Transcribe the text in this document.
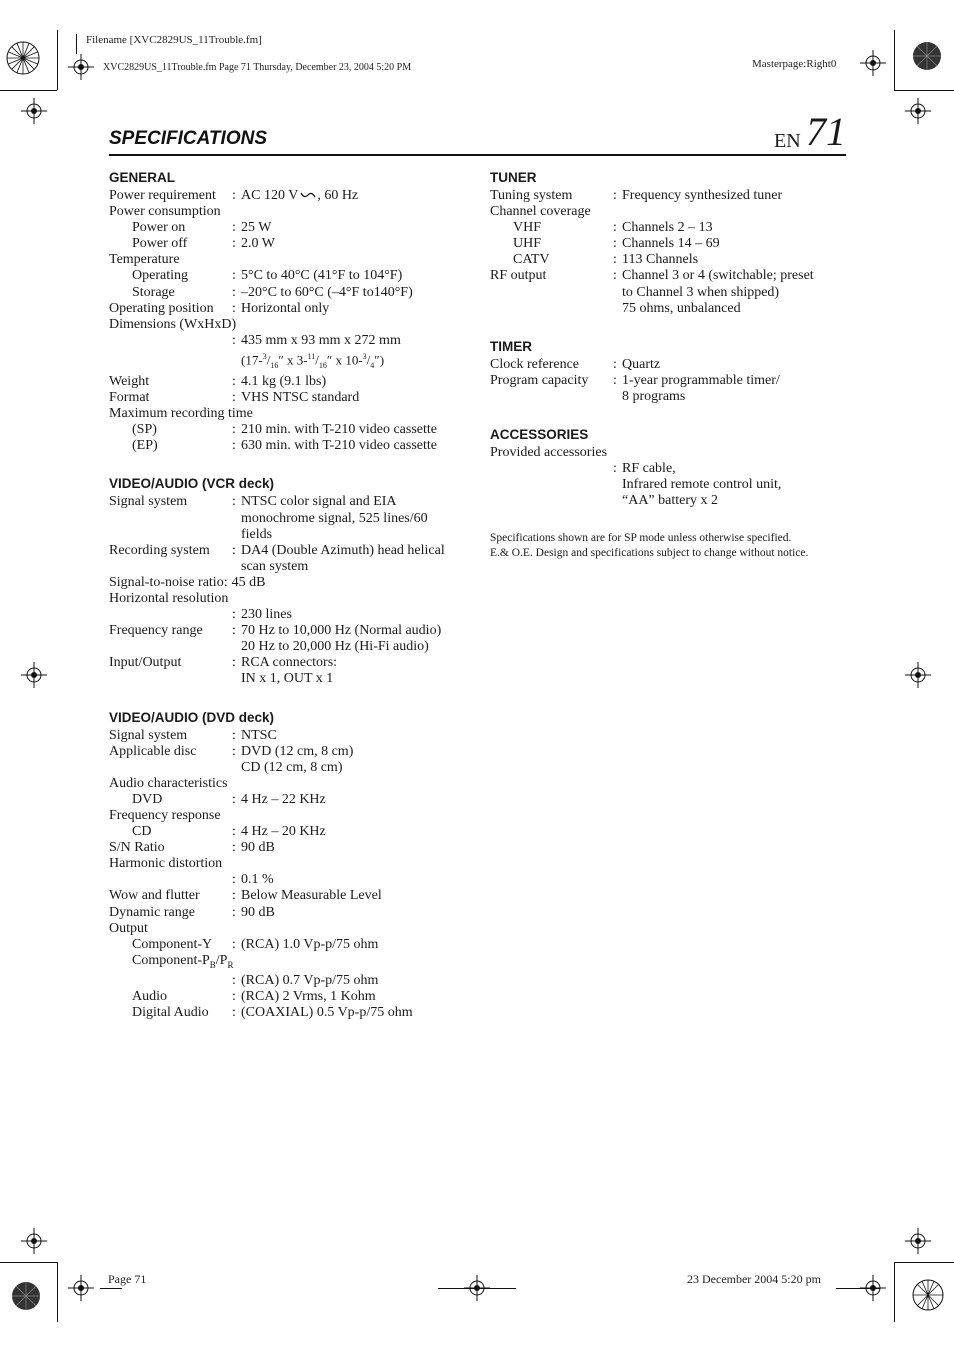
Filename [XVC2829US_11Trouble.fm]
XVC2829US_11Trouble.fm Page 71 Thursday, December 23, 2004 5:20 PM	Masterpage:Right0
SPECIFICATIONS	EN 71
GENERAL
Power requirement	: AC 120 V , 60 Hz
Power consumption
Power on	: 25 W
Power off	: 2.0 W
Temperature
Operating	: 5°C to 40°C (41°F to 104°F)
Storage	: –20°C to 60°C (–4°F to140°F)
Operating position	: Horizontal only
Dimensions (WxHxD)
: 435 mm x 93 mm x 272 mm
($17-^3/_{16}''$ x $3-^{11}/_{16}''$ x $10-^3/_4''$)
Weight	: 4.1 kg (9.1 lbs)
Format	: VHS NTSC standard
Maximum recording time
(SP)	: 210 min. with T-210 video cassette
(EP)	: 630 min. with T-210 video cassette
VIDEO/AUDIO (VCR deck)
Signal system	: NTSC color signal and EIA
monochrome signal, 525 lines/60
fields
Recording system	: DA4 (Double Azimuth) head helical
scan system
Signal-to-noise ratio: 45 dB
Horizontal resolution
: 230 lines
Frequency range	: 70 Hz to 10,000 Hz (Normal audio)
20 Hz to 20,000 Hz (Hi-Fi audio)
Input/Output	: RCA connectors:
IN x 1, OUT x 1
VIDEO/AUDIO (DVD deck)
Signal system	: NTSC
Applicable disc	: DVD (12 cm, 8 cm)
CD (12 cm, 8 cm)
Audio characteristics
DVD	: 4 Hz – 22 KHz
Frequency response
CD	: 4 Hz – 20 KHz
S/N Ratio	: 90 dB
Harmonic distortion
: 0.1 %
Wow and flutter	: Below Measurable Level
Dynamic range	: 90 dB
Output
Component-Y	: (RCA) 1.0 Vp-p/75 ohm
Component-$P_B/P_R$
: (RCA) 0.7 Vp-p/75 ohm
Audio	: (RCA) 2 Vrms, 1 Kohm
Digital Audio	: (COAXIAL) 0.5 Vp-p/75 ohm
TUNER
Tuning system	: Frequency synthesized tuner
Channel coverage
VHF	: Channels 2 – 13
UHF	: Channels 14 – 69
CATV	: 113 Channels
RF output	: Channel 3 or 4 (switchable; preset
to Channel 3 when shipped)
75 ohms, unbalanced
TIMER
Clock reference	: Quartz
Program capacity	: 1-year programmable timer/
8 programs
ACCESSORIES
Provided accessories
: RF cable,
Infrared remote control unit,
“AA” battery x 2

Specifications shown are for SP mode unless otherwise specified.

E.& O.E. Design and specifications subject to change without notice.

Page 71	23 December 2004 5:20 pm
